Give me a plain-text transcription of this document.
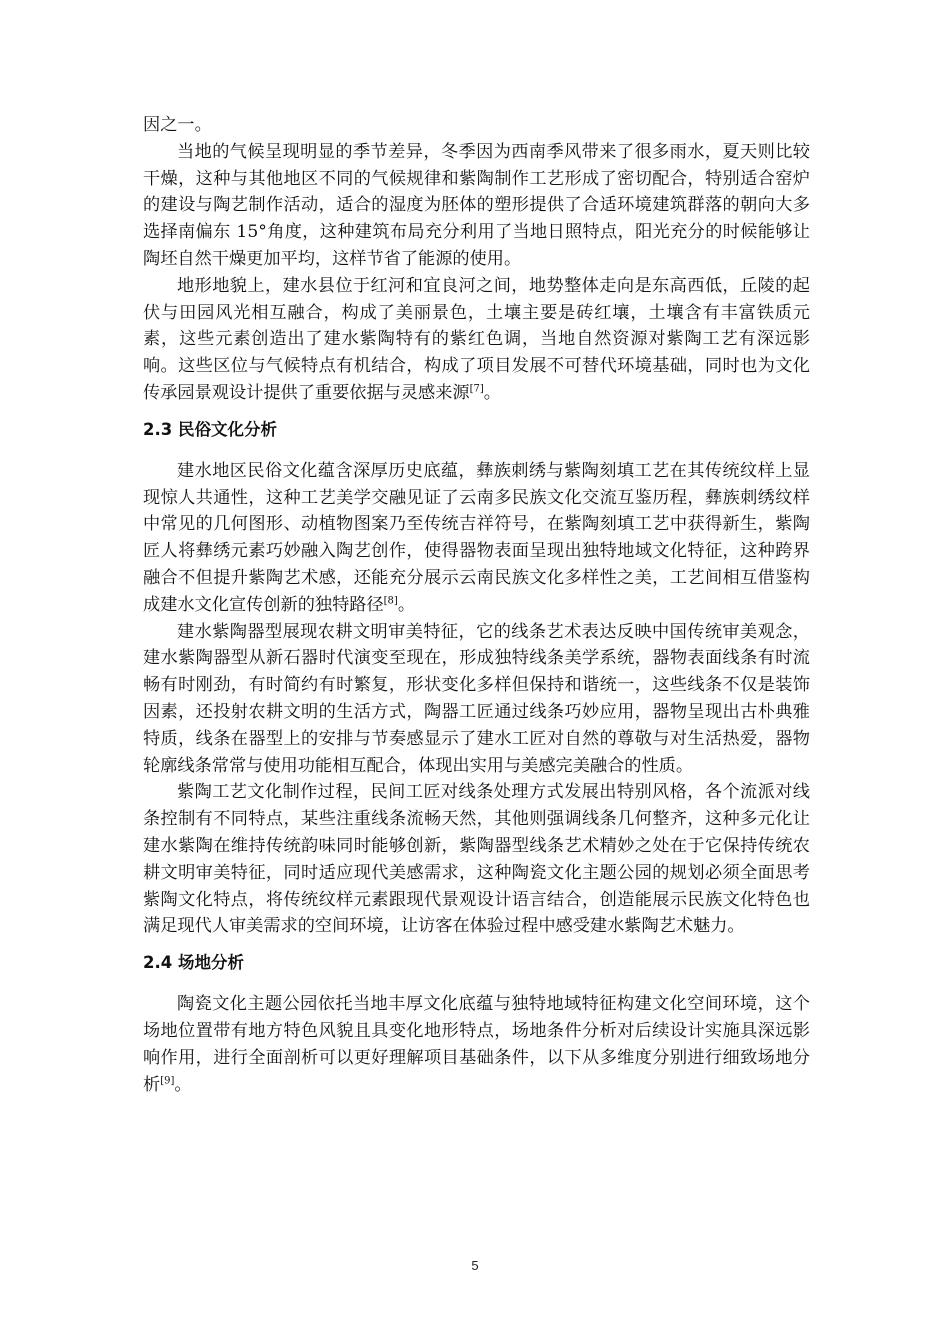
因之一。

当地的气候呈现明显的季节差异，冬季因为西南季风带来了很多雨水，夏天则比较干燥，这种与其他地区不同的气候规律和紫陶制作工艺形成了密切配合，特别适合窑炉的建设与陶艺制作活动，适合的湿度为胚体的塑形提供了合适环境建筑群落的朝向大多选择南偏东 15°角度，这种建筑布局充分利用了当地日照特点，阳光充分的时候能够让陶坯自然干燥更加平均，这样节省了能源的使用。

地形地貌上，建水县位于红河和宜良河之间，地势整体走向是东高西低，丘陵的起伏与田园风光相互融合，构成了美丽景色，土壤主要是砖红壤，土壤含有丰富铁质元素，这些元素创造出了建水紫陶特有的紫红色调，当地自然资源对紫陶工艺有深远影响。这些区位与气候特点有机结合，构成了项目发展不可替代环境基础，同时也为文化传承园景观设计提供了重要依据与灵感来源[7]。

2.3 民俗文化分析

建水地区民俗文化蕴含深厚历史底蕴，彝族刺绣与紫陶刻填工艺在其传统纹样上显现惊人共通性，这种工艺美学交融见证了云南多民族文化交流互鉴历程，彝族刺绣纹样中常见的几何图形、动植物图案乃至传统吉祥符号，在紫陶刻填工艺中获得新生，紫陶匠人将彝绣元素巧妙融入陶艺创作，使得器物表面呈现出独特地域文化特征，这种跨界融合不但提升紫陶艺术感，还能充分展示云南民族文化多样性之美，工艺间相互借鉴构成建水文化宣传创新的独特路径[8]。

建水紫陶器型展现农耕文明审美特征，它的线条艺术表达反映中国传统审美观念，建水紫陶器型从新石器时代演变至现在，形成独特线条美学系统，器物表面线条有时流畅有时刚劲，有时简约有时繁复，形状变化多样但保持和谐统一，这些线条不仅是装饰因素，还投射农耕文明的生活方式，陶器工匠通过线条巧妙应用，器物呈现出古朴典雅特质，线条在器型上的安排与节奏感显示了建水工匠对自然的尊敬与对生活热爱，器物轮廓线条常常与使用功能相互配合，体现出实用与美感完美融合的性质。

紫陶工艺文化制作过程，民间工匠对线条处理方式发展出特别风格，各个流派对线条控制有不同特点，某些注重线条流畅天然，其他则强调线条几何整齐，这种多元化让建水紫陶在维持传统韵味同时能够创新，紫陶器型线条艺术精妙之处在于它保持传统农耕文明审美特征，同时适应现代美感需求，这种陶瓷文化主题公园的规划必须全面思考紫陶文化特点，将传统纹样元素跟现代景观设计语言结合，创造能展示民族文化特色也满足现代人审美需求的空间环境，让访客在体验过程中感受建水紫陶艺术魅力。

2.4 场地分析

陶瓷文化主题公园依托当地丰厚文化底蕴与独特地域特征构建文化空间环境，这个场地位置带有地方特色风貌且具变化地形特点，场地条件分析对后续设计实施具深远影响作用，进行全面剖析可以更好理解项目基础条件，以下从多维度分别进行细致场地分析[9]。

5
